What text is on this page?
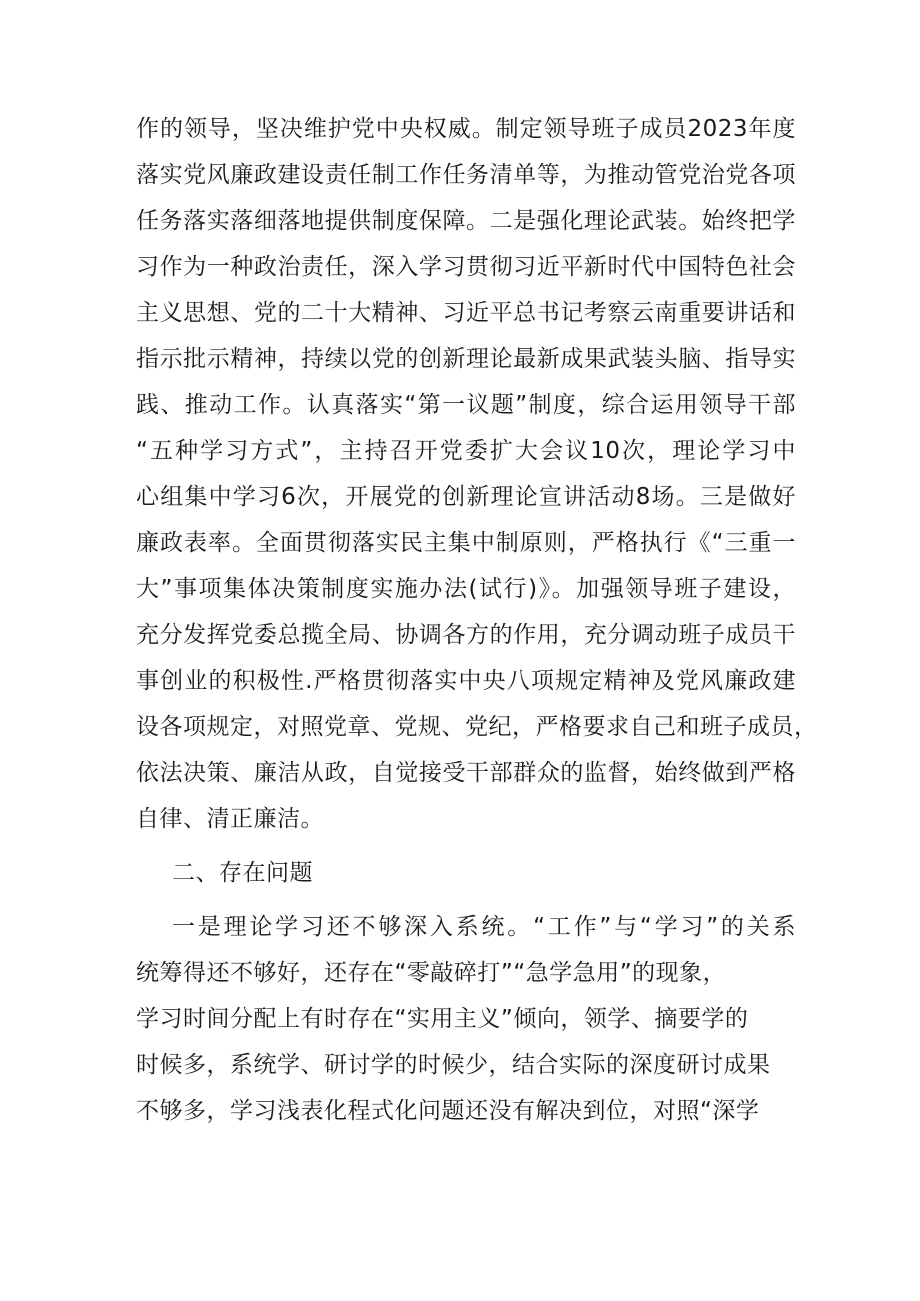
作的领导，坚决维护党中央权威。制定领导班子成员2023年度
落实党风廉政建设责任制工作任务清单等，为推动管党治党各项
任务落实落细落地提供制度保障。二是强化理论武装。始终把学
习作为一种政治责任，深入学习贯彻习近平新时代中国特色社会
主义思想、党的二十大精神、习近平总书记考察云南重要讲话和
指示批示精神，持续以党的创新理论最新成果武装头脑、指导实
践、推动工作。认真落实“第一议题”制度，综合运用领导干部
“五种学习方式”，主持召开党委扩大会议10次，理论学习中
心组集中学习6次，开展党的创新理论宣讲活动8场。三是做好
廉政表率。全面贯彻落实民主集中制原则，严格执行《“三重一
大”事项集体决策制度实施办法(试行)》。加强领导班子建设，
充分发挥党委总揽全局、协调各方的作用，充分调动班子成员干
事创业的积极性.严格贯彻落实中央八项规定精神及党风廉政建
设各项规定，对照党章、党规、党纪，严格要求自己和班子成员，
依法决策、廉洁从政，自觉接受干部群众的监督，始终做到严格
自律、清正廉洁。
二、存在问题
一是理论学习还不够深入系统。“工作”与“学习”的关系
统筹得还不够好，还存在“零敲碎打”“急学急用”的现象，
学习时间分配上有时存在“实用主义”倾向，领学、摘要学的
时候多，系统学、研讨学的时候少，结合实际的深度研讨成果
不够多，学习浅表化程式化问题还没有解决到位，对照“深学
